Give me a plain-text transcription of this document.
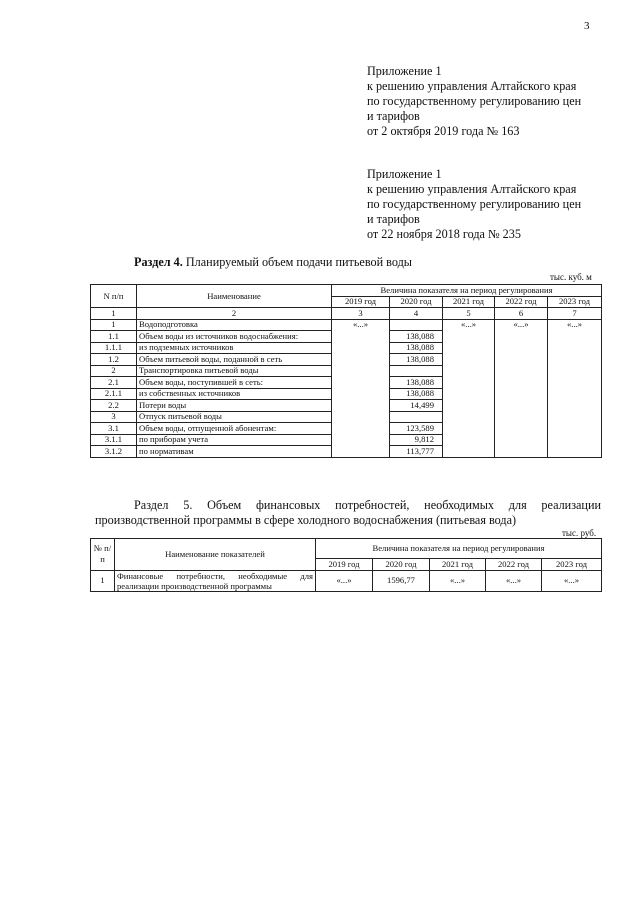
3
Приложение 1
к решению управления Алтайского края
по государственному регулированию цен
и тарифов
от 2 октября 2019 года № 163
Приложение 1
к решению управления Алтайского края
по государственному регулированию цен
и тарифов
от 22 ноября 2018 года № 235
Раздел 4. Планируемый объем подачи питьевой воды
тыс. куб. м
N п/п	Наименование	Величина показателя на период регулирования				
		2019 год	2020 год	2021 год	2022 год	2023 год
1	2	3	4	5	6	7
1	Водоподготовка	«...»		«...»	«...»	«...»
1.1	Объем воды из источников водоснабжения:		138,088			
1.1.1	из подземных источников		138,088			
1.2	Объем питьевой воды, поданной в сеть		138,088			
2	Транспортировка питьевой воды					
2.1	Объем воды, поступившей в сеть:		138,088			
2.1.1	из собственных источников		138,088			
2.2	Потери воды		14,499			
3	Отпуск питьевой воды					
3.1	Объем воды, отпущенной абонентам:		123,589			
3.1.1	по приборам учета		9,812			
3.1.2	по нормативам		113,777			
Раздел 5. Объем финансовых потребностей, необходимых для реализации
производственной программы в сфере холодного водоснабжения (питьевая вода)
тыс. руб.
№ п/п	Наименование показателей	Величина показателя на период регулирования				
		2019 год	2020 год	2021 год	2022 год	2023 год
1	Финансовые потребности, необходимые для реализации производственной программы	«...»	1596,77	«...»	«...»	«...»
